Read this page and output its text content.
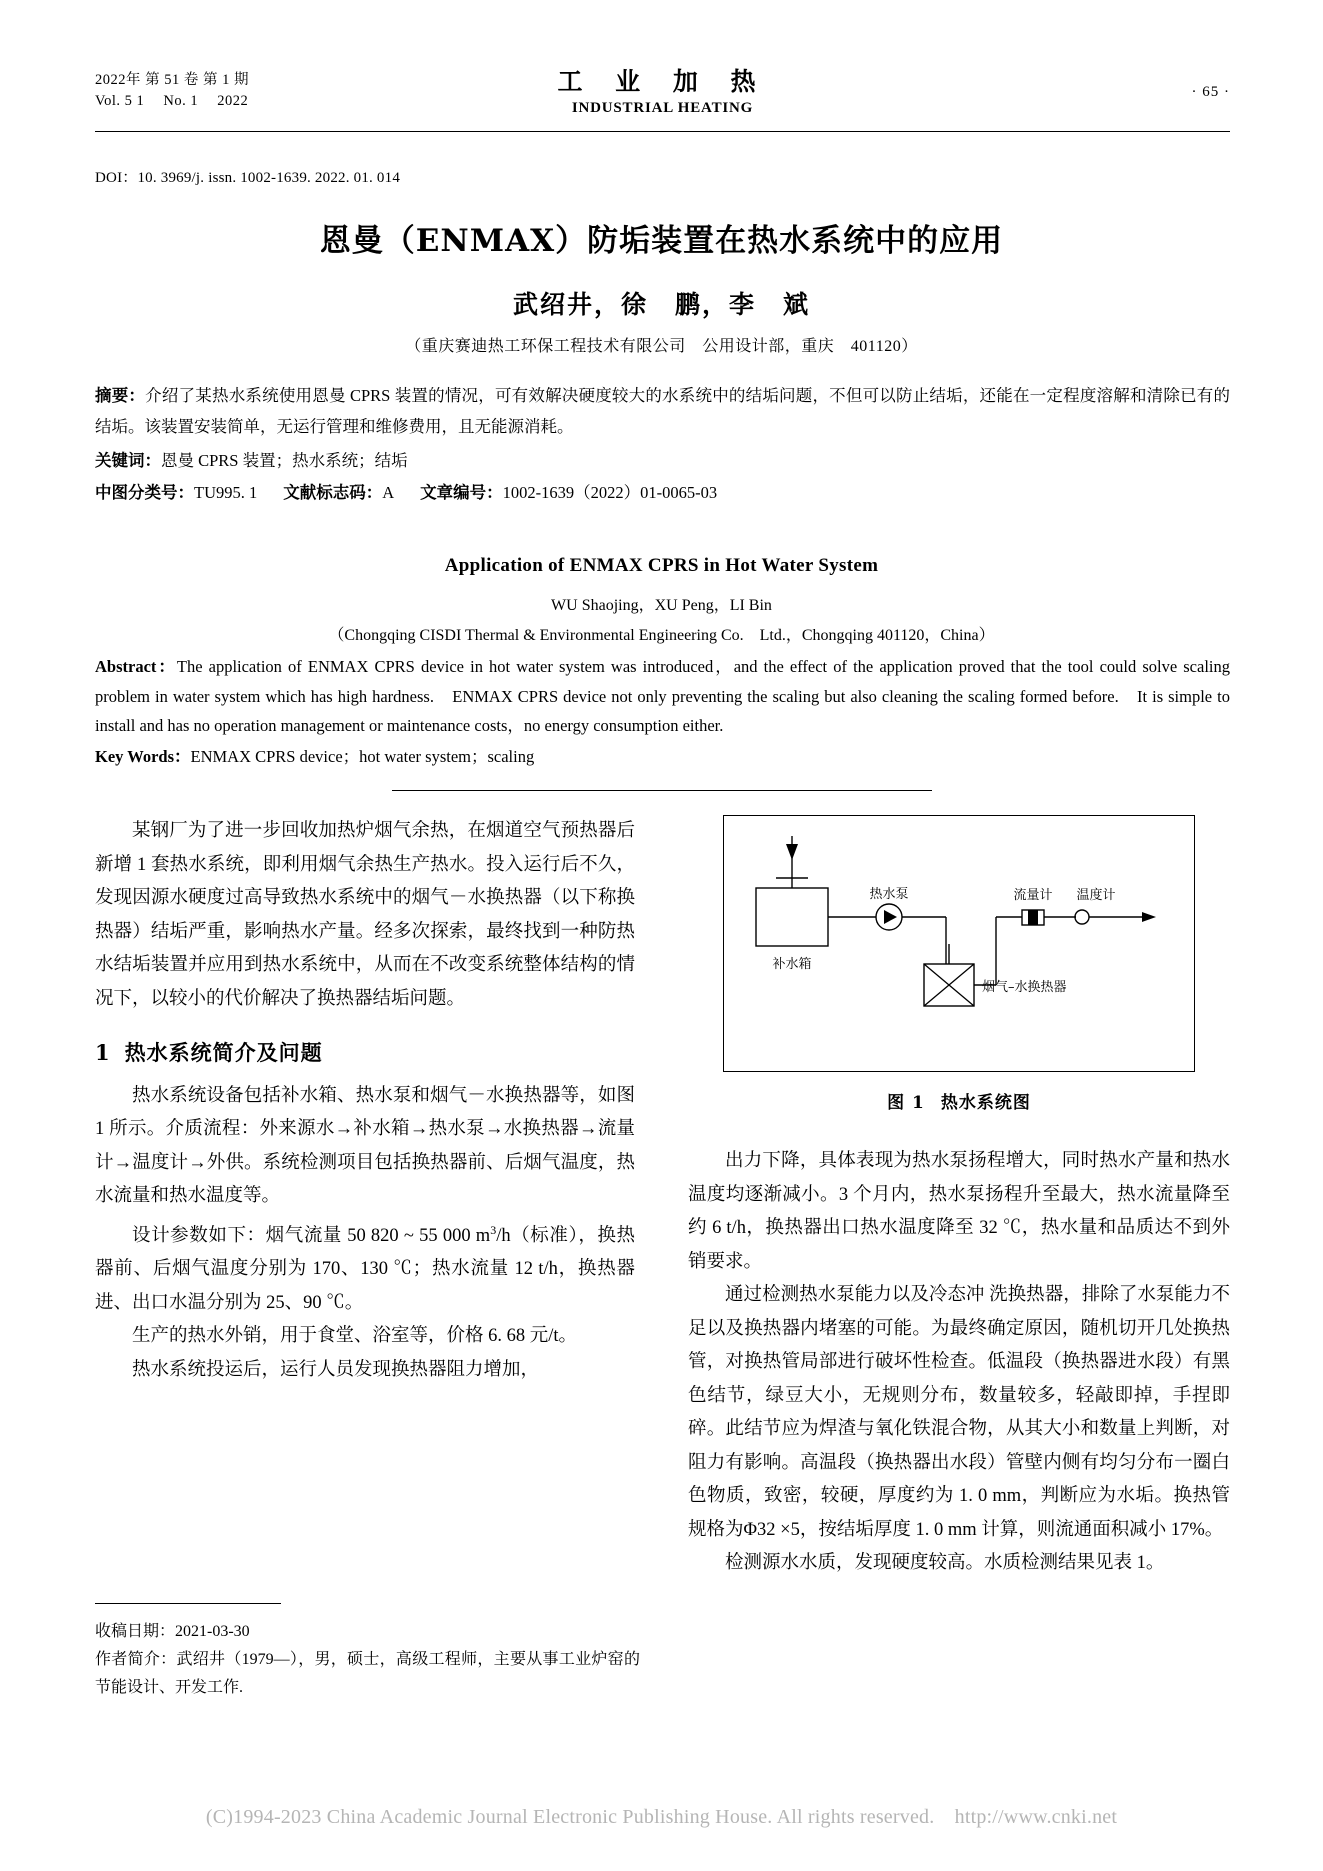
2022年 第 51 卷 第 1 期
Vol. 5 1　 No. 1　 2022
工 业 加 热
INDUSTRIAL HEATING
· 65 ·
DOI：10. 3969/j. issn. 1002-1639. 2022. 01. 014
恩曼（ENMAX）防垢装置在热水系统中的应用
武绍井，徐　鹏，李　斌
（重庆赛迪热工环保工程技术有限公司　公用设计部，重庆　401120）
摘要：介绍了某热水系统使用恩曼 CPRS 装置的情况，可有效解决硬度较大的水系统中的结垢问题，不但可以防止结垢，还能在一定程度溶解和清除已有的结垢。该装置安装简单，无运行管理和维修费用，且无能源消耗。
关键词：恩曼 CPRS 装置；热水系统；结垢
中图分类号：TU995. 1 文献标志码：A 文章编号：1002-1639（2022）01-0065-03
Application of ENMAX CPRS in Hot Water System
WU Shaojing，XU Peng，LI Bin
（Chongqing CISDI Thermal & Environmental Engineering Co.　Ltd.，Chongqing 401120，China）
Abstract：The application of ENMAX CPRS device in hot water system was introduced，and the effect of the application proved that the tool could solve scaling problem in water system which has high hardness.　ENMAX CPRS device not only preventing the scaling but also cleaning the scaling formed before.　It is simple to install and has no operation management or maintenance costs，no energy consumption either.
Key Words：ENMAX CPRS device；hot water system；scaling

某钢厂为了进一步回收加热炉烟气余热，在烟道空气预热器后新增 1 套热水系统，即利用烟气余热生产热水。投入运行后不久，发现因源水硬度过高导致热水系统中的烟气－水换热器（以下称换热器）结垢严重，影响热水产量。经多次探索，最终找到一种防热水结垢装置并应用到热水系统中，从而在不改变系统整体结构的情况下，以较小的代价解决了换热器结垢问题。

1 热水系统简介及问题

热水系统设备包括补水箱、热水泵和烟气－水换热器等，如图 1 所示。介质流程：外来源水→补水箱→热水泵→水换热器→流量计→温度计→外供。系统检测项目包括换热器前、后烟气温度，热水流量和热水温度等。

设计参数如下：烟气流量 50 820 ~ 55 000 $m^3/h$（标准），换热器前、后烟气温度分别为 170、130 ℃；热水流量 12 t/h，换热器进、出口水温分别为 25、90 ℃。

生产的热水外销，用于食堂、浴室等，价格 6. 68 元/t。

热水系统投运后，运行人员发现换热器阻力增加，

补水箱
热水泵
烟气–水换热器
流量计 温度计
图 1 热水系统图

出力下降，具体表现为热水泵扬程增大，同时热水产量和热水温度均逐渐减小。3 个月内，热水泵扬程升至最大，热水流量降至约 6 t/h，换热器出口热水温度降至 32 ℃，热水量和品质达不到外销要求。

通过检测热水泵能力以及冷态冲 洗换热器，排除了水泵能力不足以及换热器内堵塞的可能。为最终确定原因，随机切开几处换热管，对换热管局部进行破坏性检查。低温段（换热器进水段）有黑色结节，绿豆大小，无规则分布，数量较多，轻敲即掉，手捏即碎。此结节应为焊渣与氧化铁混合物，从其大小和数量上判断，对阻力有影响。高温段（换热器出水段）管壁内侧有均匀分布一圈白色物质，致密，较硬，厚度约为 1. 0 mm，判断应为水垢。换热管规格为Φ32 ×5，按结垢厚度 1. 0 mm 计算，则流通面积减小 17%。

检测源水水质，发现硬度较高。水质检测结果见表 1。

收稿日期：2021-03-30
作者简介：武绍井（1979—），男，硕士，高级工程师，主要从事工业炉窑的节能设计、开发工作.
(C)1994-2023 China Academic Journal Electronic Publishing House. All rights reserved.　http://www.cnki.net
